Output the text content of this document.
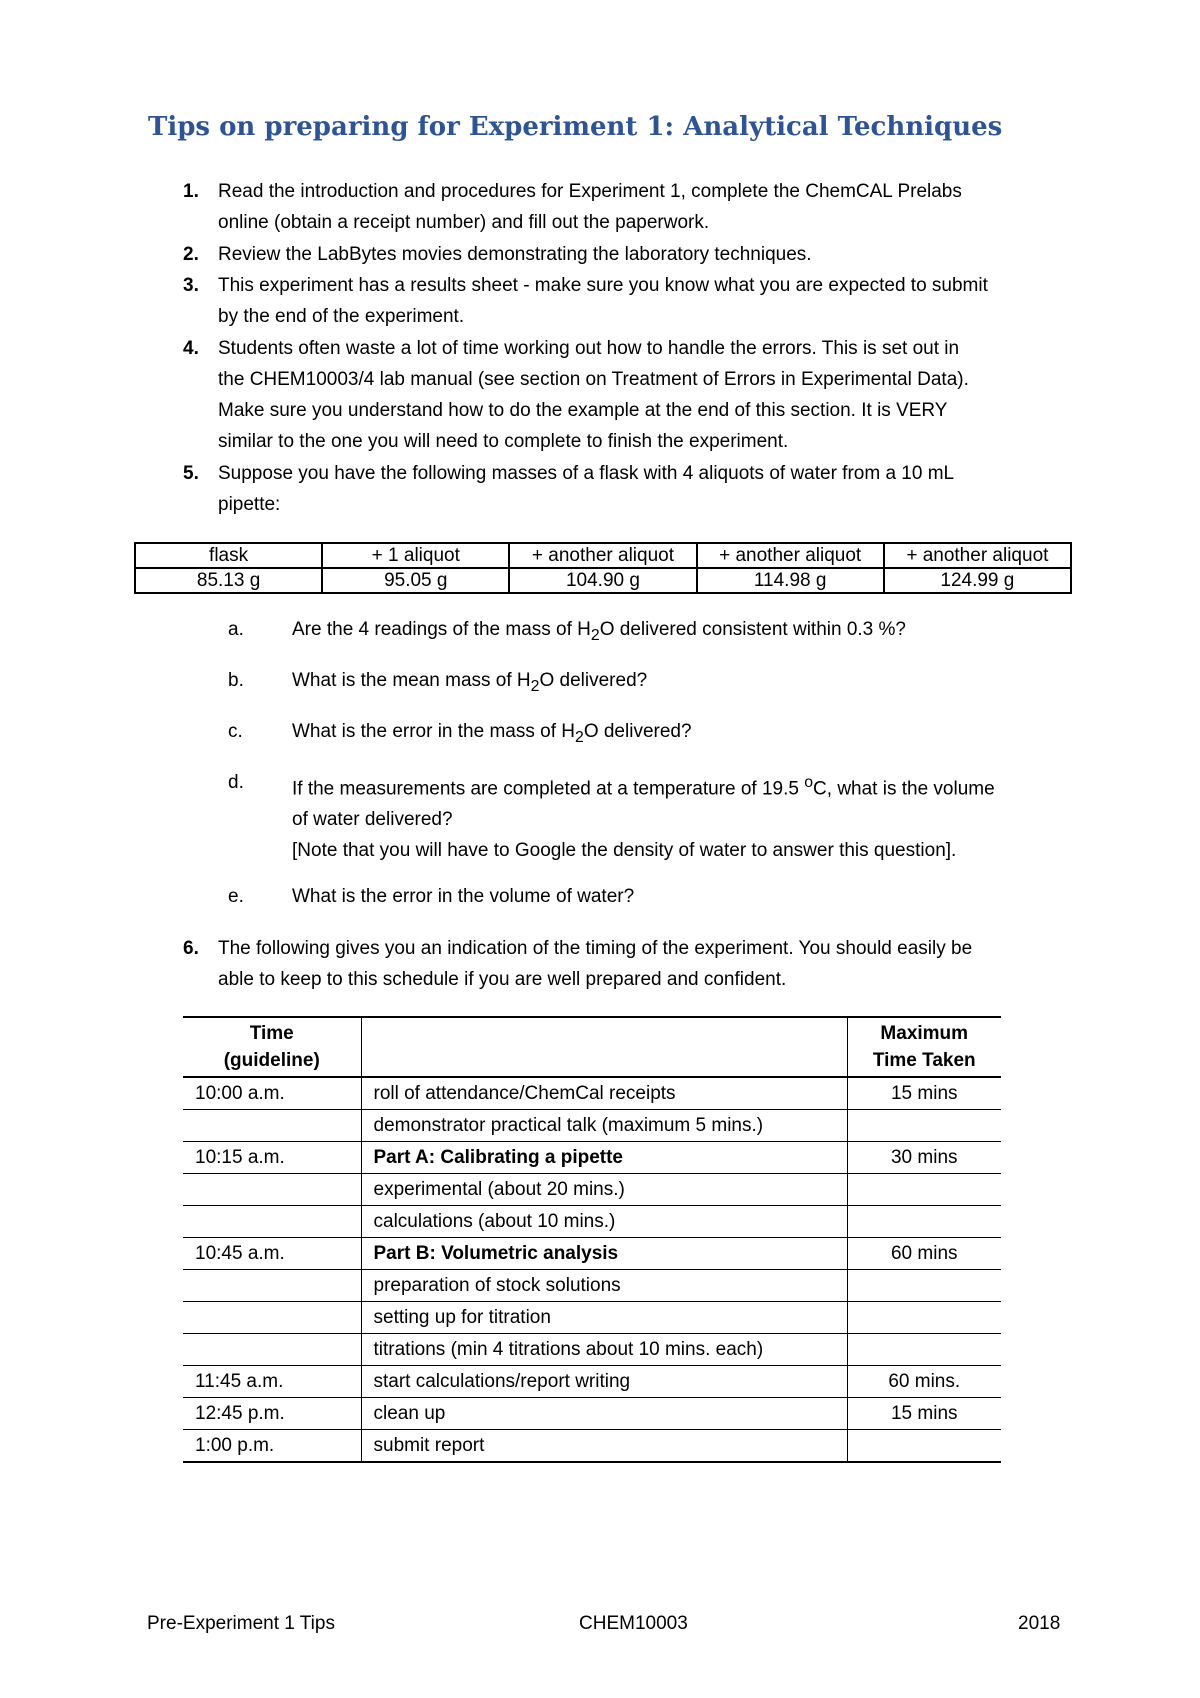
Tips on preparing for Experiment 1: Analytical Techniques
1.	Read the introduction and procedures for Experiment 1, complete the ChemCAL Prelabs
online (obtain a receipt number) and fill out the paperwork.
2.	Review the LabBytes movies demonstrating the laboratory techniques.
3.	This experiment has a results sheet - make sure you know what you are expected to submit
by the end of the experiment.
4.	Students often waste a lot of time working out how to handle the errors. This is set out in
the CHEM10003/4 lab manual (see section on Treatment of Errors in Experimental Data).
Make sure you understand how to do the example at the end of this section. It is VERY
similar to the one you will need to complete to finish the experiment.
5.	Suppose you have the following masses of a flask with 4 aliquots of water from a 10 mL
pipette:
flask	+ 1 aliquot	+ another aliquot	+ another aliquot	+ another aliquot
85.13 g	95.05 g	104.90 g	114.98 g	124.99 g
a.	Are the 4 readings of the mass of $H_2O$ delivered consistent within 0.3 %?
b.	What is the mean mass of $H_2O$ delivered?
c.	What is the error in the mass of $H_2O$ delivered?
d.	If the measurements are completed at a temperature of 19.5 $^o$C, what is the volume
of water delivered?
[Note that you will have to Google the density of water to answer this question].
e.	What is the error in the volume of water?
6.	The following gives you an indication of the timing of the experiment. You should easily be
able to keep to this schedule if you are well prepared and confident.
Time
(guideline)		Maximum
Time Taken

10:00 a.m.	roll of attendance/ChemCal receipts	15 mins
	demonstrator practical talk (maximum 5 mins.)	
10:15 a.m.	Part A: Calibrating a pipette	30 mins
	experimental (about 20 mins.)	
	calculations (about 10 mins.)	
10:45 a.m.	Part B: Volumetric analysis	60 mins
	preparation of stock solutions	
	setting up for titration	
	titrations (min 4 titrations about 10 mins. each)	
11:45 a.m.	start calculations/report writing	60 mins.
12:45 p.m.	clean up	15 mins
1:00 p.m.	submit report	
Pre-Experiment 1 Tips	CHEM10003	2018
